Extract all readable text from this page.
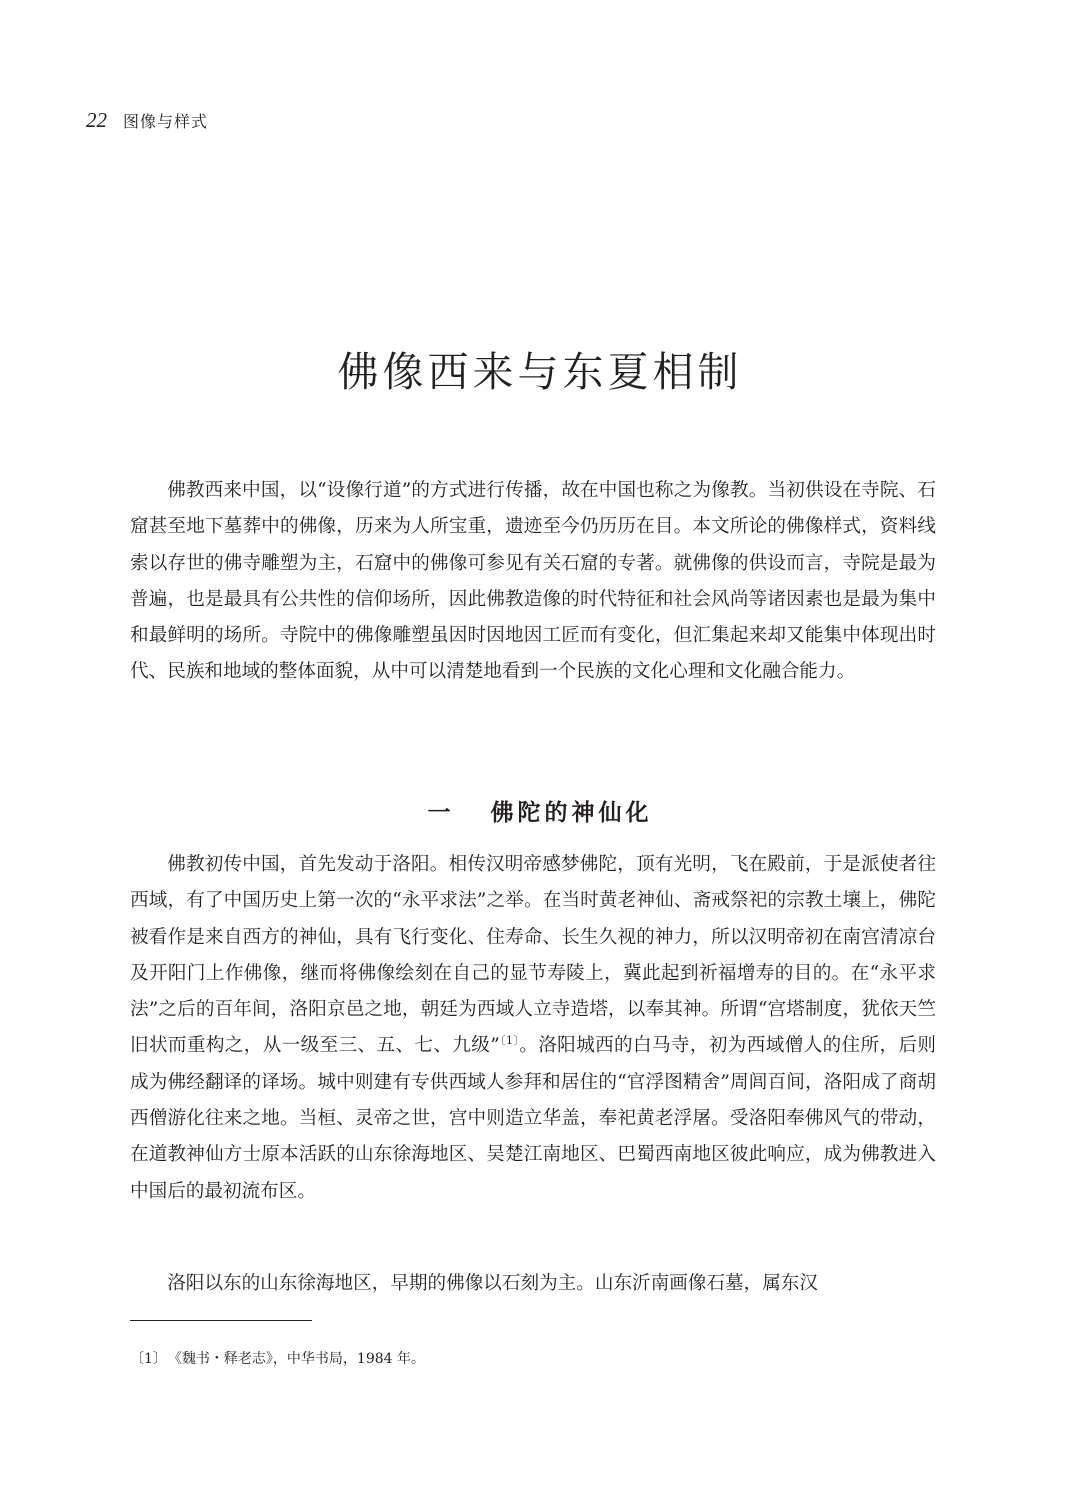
22 图像与样式
佛像西来与东夏相制

佛教西来中国，以“设像行道”的方式进行传播，故在中国也称之为像教。当初供设在寺院、石窟甚至地下墓葬中的佛像，历来为人所宝重，遗迹至今仍历历在目。本文所论的佛像样式，资料线索以存世的佛寺雕塑为主，石窟中的佛像可参见有关石窟的专著。就佛像的供设而言，寺院是最为普遍，也是最具有公共性的信仰场所，因此佛教造像的时代特征和社会风尚等诸因素也是最为集中和最鲜明的场所。寺院中的佛像雕塑虽因时因地因工匠而有变化，但汇集起来却又能集中体现出时代、民族和地域的整体面貌，从中可以清楚地看到一个民族的文化心理和文化融合能力。

一 佛陀的神仙化

佛教初传中国，首先发动于洛阳。相传汉明帝感梦佛陀，顶有光明，飞在殿前，于是派使者往西域，有了中国历史上第一次的“永平求法”之举。在当时黄老神仙、斋戒祭祀的宗教土壤上，佛陀被看作是来自西方的神仙，具有飞行变化、住寿命、长生久视的神力，所以汉明帝初在南宫清凉台及开阳门上作佛像，继而将佛像绘刻在自己的显节寿陵上，冀此起到祈福增寿的目的。在“永平求法”之后的百年间，洛阳京邑之地，朝廷为西域人立寺造塔，以奉其神。所谓“宫塔制度，犹依天竺旧状而重构之，从一级至三、五、七、九级”$^{〔1〕}$。洛阳城西的白马寺，初为西域僧人的住所，后则成为佛经翻译的译场。城中则建有专供西域人参拜和居住的“官浮图精舍”周闾百间，洛阳成了商胡西僧游化往来之地。当桓、灵帝之世，宫中则造立华盖，奉祀黄老浮屠。受洛阳奉佛风气的带动，在道教神仙方士原本活跃的山东徐海地区、吴楚江南地区、巴蜀西南地区彼此响应，成为佛教进入中国后的最初流布区。

洛阳以东的山东徐海地区，早期的佛像以石刻为主。山东沂南画像石墓，属东汉

〔1〕 《魏书・释老志》，中华书局，1984 年。
